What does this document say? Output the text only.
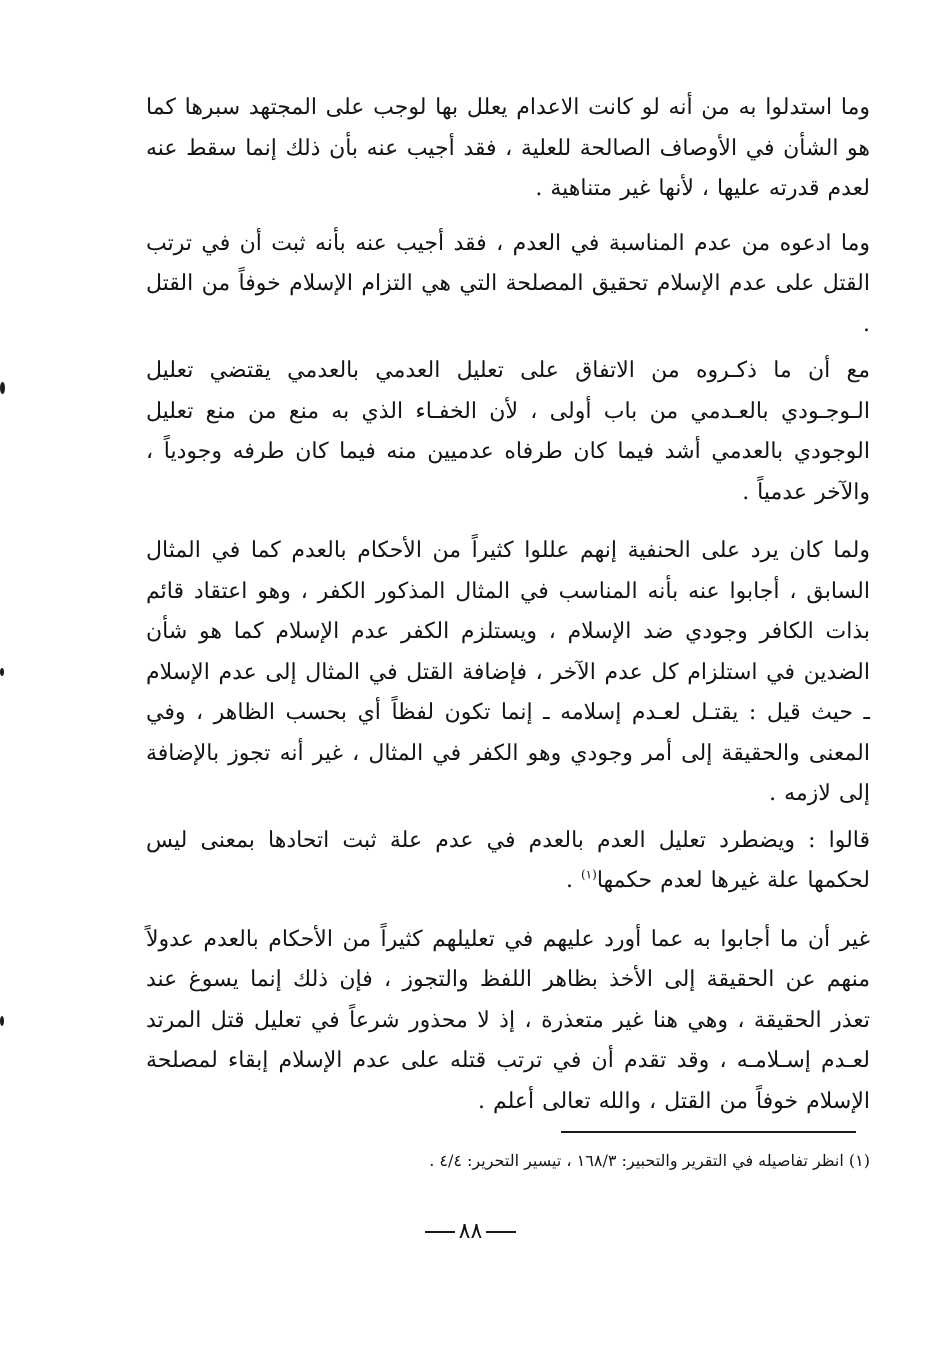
وما استدلوا به من أنه لو كانت الاعدام يعلل بها لوجب على المجتهد سبرها كما هو الشأن في الأوصاف الصالحة للعلية ، فقد أجيب عنه بأن ذلك إنما سقط عنه لعدم قدرته عليها ، لأنها غير متناهية .

وما ادعوه من عدم المناسبة في العدم ، فقد أجيب عنه بأنه ثبت أن في ترتب القتل على عدم الإسلام تحقيق المصلحة التي هي التزام الإسلام خوفاً من القتل .

مع أن ما ذكـروه من الاتفاق على تعليل العدمي بالعدمي يقتضي تعليل الـوجـودي بالعـدمي من باب أولى ، لأن الخفـاء الذي به منع من منع تعليل الوجودي بالعدمي أشد فيما كان طرفاه عدميين منه فيما كان طرفه وجودياً ، والآخر عدمياً .

ولما كان يرد على الحنفية إنهم عللوا كثيراً من الأحكام بالعدم كما في المثال السابق ، أجابوا عنه بأنه المناسب في المثال المذكور الكفر ، وهو اعتقاد قائم بذات الكافر وجودي ضد الإسلام ، ويستلزم الكفر عدم الإسلام كما هو شأن الضدين في استلزام كل عدم الآخر ، فإضافة القتل في المثال إلى عدم الإسلام ـ حيث قيل : يقتـل لعـدم إسلامه ـ إنما تكون لفظاً أي بحسب الظاهر ، وفي المعنى والحقيقة إلى أمر وجودي وهو الكفر في المثال ، غير أنه تجوز بالإضافة إلى لازمه .

قالوا : ويضطرد تعليل العدم بالعدم في عدم علة ثبت اتحادها بمعنى ليس لحكمها علة غيرها لعدم حكمها$^{(١)}$ .

غير أن ما أجابوا به عما أورد عليهم في تعليلهم كثيراً من الأحكام بالعدم عدولاً منهم عن الحقيقة إلى الأخذ بظاهر اللفظ والتجوز ، فإن ذلك إنما يسوغ عند تعذر الحقيقة ، وهي هنا غير متعذرة ، إذ لا محذور شرعاً في تعليل قتل المرتد لعـدم إسـلامـه ، وقد تقدم أن في ترتب قتله على عدم الإسلام إبقاء لمصلحة الإسلام خوفاً من القتل ، والله تعالى أعلم .

(١) انظر تفاصيله في التقرير والتحبير: ١٦٨/٣ ، تيسير التحرير: ٤/٤ .
٨٨
